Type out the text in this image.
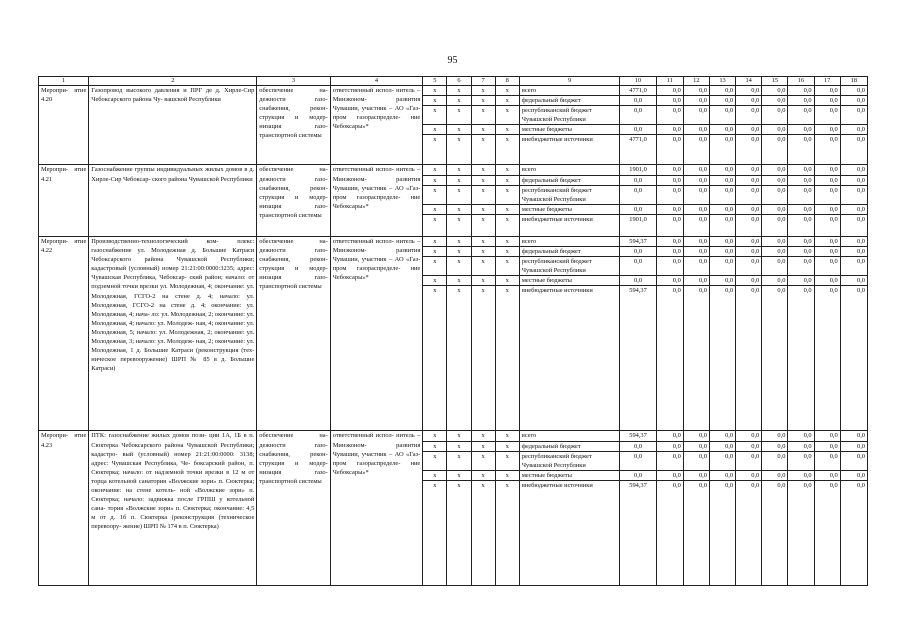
95
1	2	3	4	5	6	7	8	9	10	11	12	13	14	15	16	17	18
Меропри- ятие 4.20	Газопровод высокого давления и ПРГ де д. Хирле-Сир Чебоксарского района Чу- вашской Республики	обеспечение на- дежности газо- снабжения, рекон- струкция и модер- низация газо- транспортной системы	ответственный испол- нитель – Минэконом- развития Чувашии, участник – АО «Газ- пром газораспределе- ние Чебоксары»*	x	x	x	x	всего	4771,0	0,0	0,0	0,0	0,0	0,0	0,0	0,0	0,0
				x	x	x	x	федеральный бюджет	0,0	0,0	0,0	0,0	0,0	0,0	0,0	0,0	0,0
				x	x	x	x	республиканский бюджет Чувашской Республики	0,0	0,0	0,0	0,0	0,0	0,0	0,0	0,0	0,0
				x	x	x	x	местные бюджеты	0,0	0,0	0,0	0,0	0,0	0,0	0,0	0,0	0,0
				x	x	x	x	внебюджетные источники	4771,0	0,0	0,0	0,0	0,0	0,0	0,0	0,0	0,0
Меропри- ятие 4.21	Газоснабжение группы индивидуальных жилых домов в д. Хирле-Сир Чебоксар- ского района Чувашской Республики	обеспечение на- дежности газо- снабжения, рекон- струкция и модер- низация газо- транспортной системы	ответственный испол- нитель – Минэконом- развития Чувашии, участник – АО «Газ- пром газораспределе- ние Чебоксары»*	x	x	x	x	всего	1901,0	0,0	0,0	0,0	0,0	0,0	0,0	0,0	0,0
				x	x	x	x	федеральный бюджет	0,0	0,0	0,0	0,0	0,0	0,0	0,0	0,0	0,0
				x	x	x	x	республиканский бюджет Чувашской Республики	0,0	0,0	0,0	0,0	0,0	0,0	0,0	0,0	0,0
				x	x	x	x	местные бюджеты	0,0	0,0	0,0	0,0	0,0	0,0	0,0	0,0	0,0
				x	x	x	x	внебюджетные источники	1901,0	0,0	0,0	0,0	0,0	0,0	0,0	0,0	0,0
Меропри- ятие 4.22	Производственно-технологический ком- плекс: газоснабжение ул. Молодежная д. Большие Катраси Чебоксарского района Чувашской Республики; кадастровый (условный) номер 21:21:00:0000:3235; адрес: Чувашская Республика, Чебоксар- ский район; начало: от подземной точки врезки ул. Молодежная, 4; окончание: ул. Молодежная, ГСГО-2 на стене д. 4; начало: ул. Молодежная, ГСГО-2 на стене д. 4; окончание: ул. Молодежная, 4; нача- ло: ул. Молодежная, 2; окончание: ул. Молодежная, 4; начало: ул. Молодеж- ная, 4; окончание: ул. Молодежная, 5; начало: ул. Молодежная, 2; окончание: ул. Молодежная, 3; начало: ул. Молодеж- ная, 2; окончание: ул. Молодежная, 1 д. Большие Катраси (реконструкция (тех- ническое перевооружение) ШРП № 85 в д. Большие Катраси)	обеспечение на- дежности газо- снабжения, рекон- струкция и модер- низация газо- транспортной системы	ответственный испол- нитель – Минэконом- развития Чувашии, участник – АО «Газ- пром газораспределе- ние Чебоксары»*	x	x	x	x	всего	594,37	0,0	0,0	0,0	0,0	0,0	0,0	0,0	0,0
				x	x	x	x	федеральный бюджет	0,0	0,0	0,0	0,0	0,0	0,0	0,0	0,0	0,0
				x	x	x	x	республиканский бюджет Чувашской Республики	0,0	0,0	0,0	0,0	0,0	0,0	0,0	0,0	0,0
				x	x	x	x	местные бюджеты	0,0	0,0	0,0	0,0	0,0	0,0	0,0	0,0	0,0
				x	x	x	x	внебюджетные источники	594,37	0,0	0,0	0,0	0,0	0,0	0,0	0,0	0,0
Меропри- ятие 4.23	ПТК: газоснабжение жилых домов пози- ции 1А, 1Б в п. Сюктерка Чебоксарского района Чувашской Республики; кадастро- вый (условный) номер 21:21:00:0000: 3138; адрес: Чувашская Республика, Че- боксарский район, п. Сюктерка; начало: от надземной точки врезки в 12 м от торца котельной санатория «Волжские зори» п. Сюктерка; окончание: на стене котель- ной «Волжские зори» п. Сюктерка; начало: задвижка после ГРПШ у котельной сана- тория «Волжские зори» п. Сюктерка; окончание: 4,5 м от д. 1б п. Сюктерка (реконструкция (техническое перевоору- жение) ШРП № 174 в п. Сюктерка)	обеспечение на- дежности газо- снабжения, рекон- струкция и модер- низация газо- транспортной системы	ответственный испол- нитель – Минэконом- развития Чувашии, участник – АО «Газ- пром газораспределе- ние Чебоксары»*	x	x	x	x	всего	594,37	0,0	0,0	0,0	0,0	0,0	0,0	0,0	0,0
				x	x	x	x	федеральный бюджет	0,0	0,0	0,0	0,0	0,0	0,0	0,0	0,0	0,0
				x	x	x	x	республиканский бюджет Чувашской Республики	0,0	0,0	0,0	0,0	0,0	0,0	0,0	0,0	0,0
				x	x	x	x	местные бюджеты	0,0	0,0	0,0	0,0	0,0	0,0	0,0	0,0	0,0
				x	x	x	x	внебюджетные источники	594,37	0,0	0,0	0,0	0,0	0,0	0,0	0,0	0,0
